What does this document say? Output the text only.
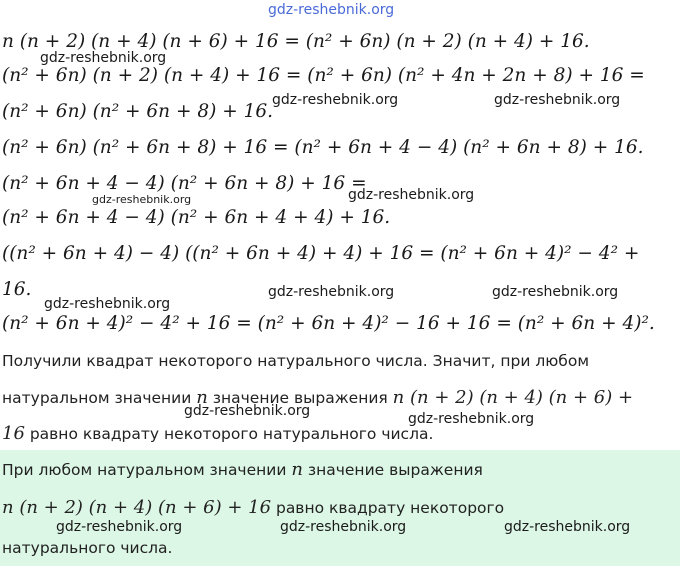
n (n + 2) (n + 4) (n + 6) + 16 = (n² + 6n) (n + 2) (n + 4) + 16.
(n² + 6n) (n + 2) (n + 4) + 16 = (n² + 6n) (n² + 4n + 2n + 8) + 16 =
(n² + 6n) (n² + 6n + 8) + 16.
(n² + 6n) (n² + 6n + 8) + 16 = (n² + 6n + 4 − 4) (n² + 6n + 8) + 16.
(n² + 6n + 4 − 4) (n² + 6n + 8) + 16 =
(n² + 6n + 4 − 4) (n² + 6n + 4 + 4) + 16.
((n² + 6n + 4) − 4) ((n² + 6n + 4) + 4) + 16 = (n² + 6n + 4)² − 4² +
16.
(n² + 6n + 4)² − 4² + 16 = (n² + 6n + 4)² − 16 + 16 = (n² + 6n + 4)².
Получили квадрат некоторого натурального числа. Значит, при любом
натуральном значении n значение выражения n (n + 2) (n + 4) (n + 6) +
16 равно квадрату некоторого натурального числа.
При любом натуральном значении n значение выражения
n (n + 2) (n + 4) (n + 6) + 16 равно квадрату некоторого
натурального числа.
gdz-reshebnik.org
gdz-reshebnik.org
gdz-reshebnik.org	gdz-reshebnik.org
gdz-reshebnik.org
gdz-reshebnik.org
gdz-reshebnik.org
gdz-reshebnik.org	gdz-reshebnik.org
gdz-reshebnik.org	gdz-reshebnik.org
gdz-reshebnik.org	gdz-reshebnik.org	gdz-reshebnik.org
